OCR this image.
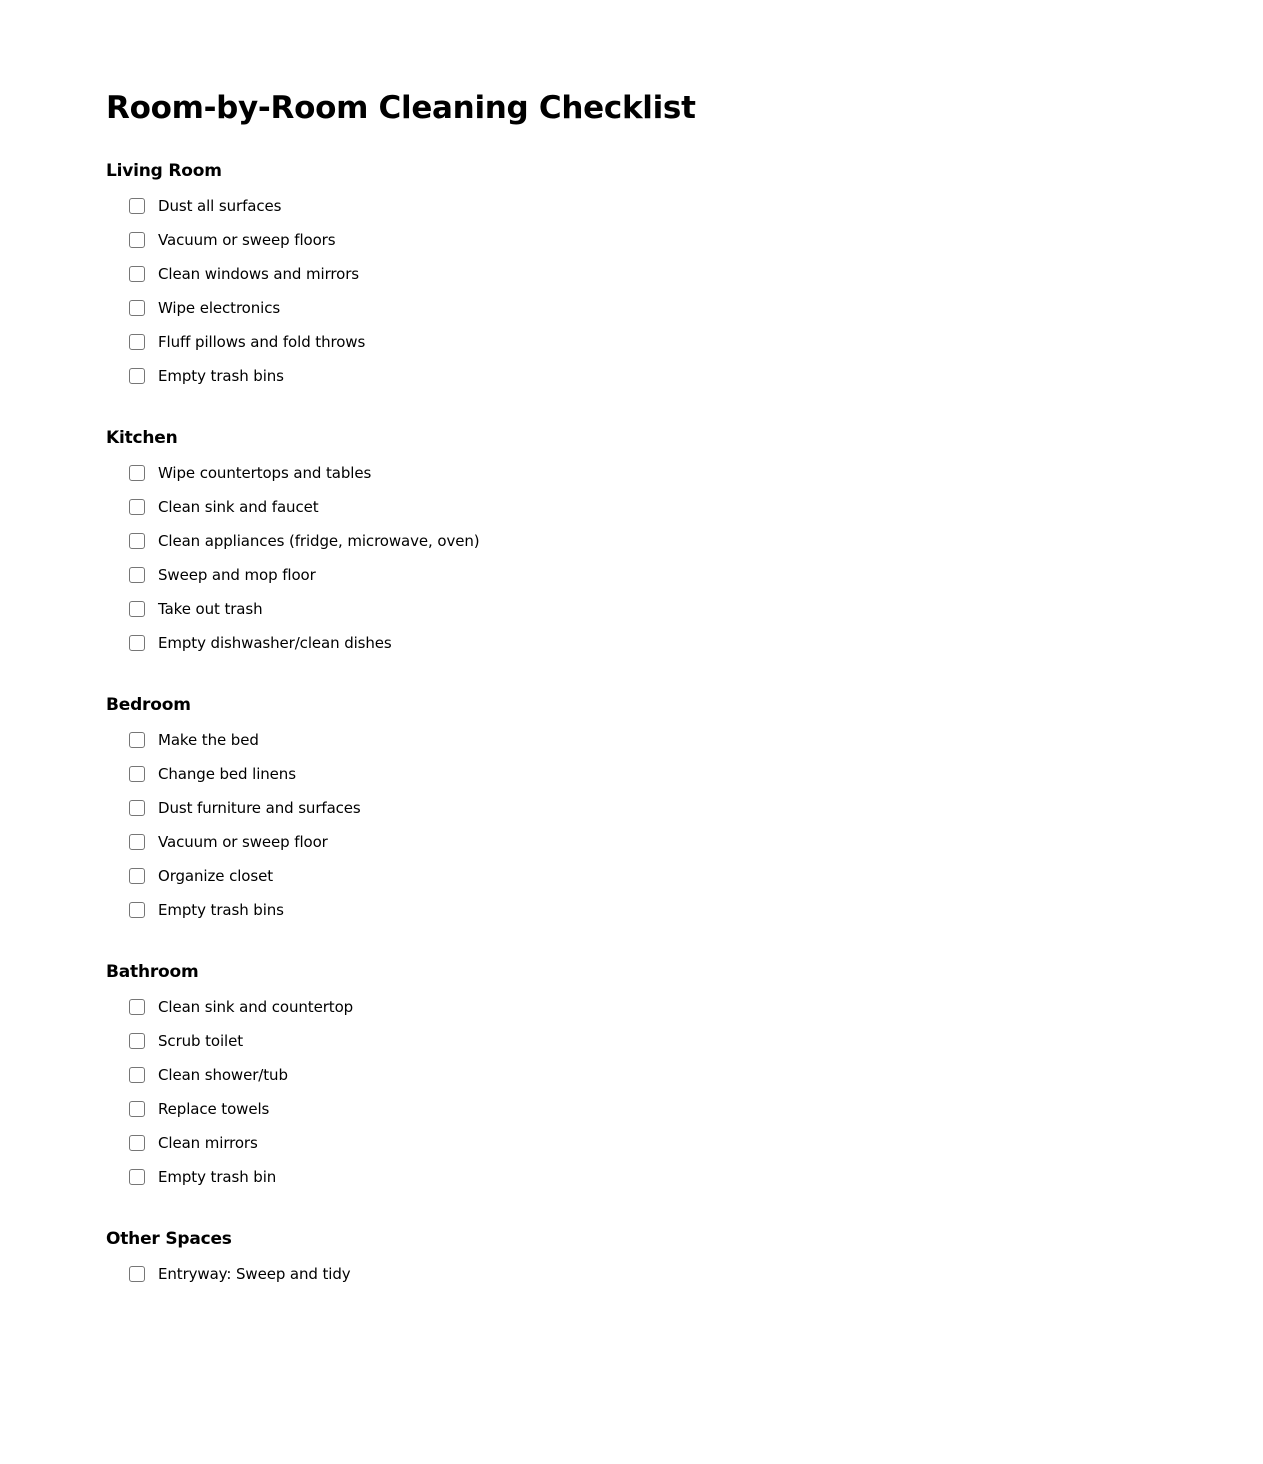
Room-by-Room Cleaning Checklist
Living Room
Dust all surfaces
Vacuum or sweep floors
Clean windows and mirrors
Wipe electronics
Fluff pillows and fold throws
Empty trash bins
Kitchen
Wipe countertops and tables
Clean sink and faucet
Clean appliances (fridge, microwave, oven)
Sweep and mop floor
Take out trash
Empty dishwasher/clean dishes
Bedroom
Make the bed
Change bed linens
Dust furniture and surfaces
Vacuum or sweep floor
Organize closet
Empty trash bins
Bathroom
Clean sink and countertop
Scrub toilet
Clean shower/tub
Replace towels
Clean mirrors
Empty trash bin
Other Spaces
Entryway: Sweep and tidy
